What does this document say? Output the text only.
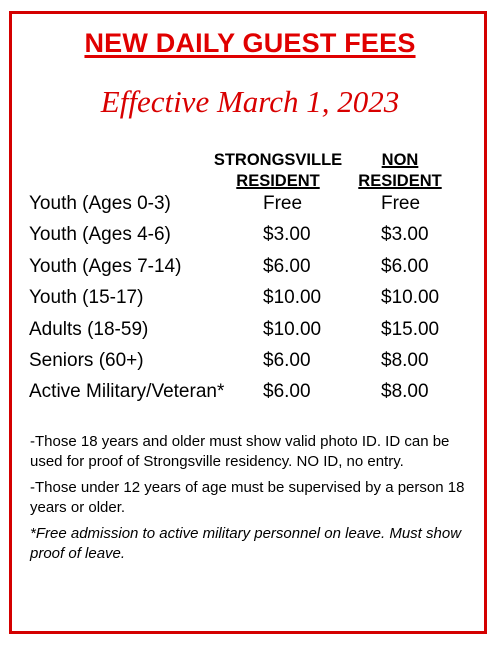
NEW DAILY GUEST FEES
Effective March 1, 2023
STRONGSVILLE
RESIDENT
NON
RESIDENT
Youth (Ages 0-3)	Free	Free
Youth (Ages 4-6)	$3.00	$3.00
Youth (Ages 7-14)	$6.00	$6.00
Youth (15-17)	$10.00	$10.00
Adults (18-59)	$10.00	$15.00
Seniors (60+)	$6.00	$8.00
Active Military/Veteran* $6.00	$8.00

-Those 18 years and older must show valid photo ID. ID can be used for proof of Strongsville residency. NO ID, no entry.

-Those under 12 years of age must be supervised by a person 18 years or older.

*Free admission to active military personnel on leave. Must show proof of leave.
